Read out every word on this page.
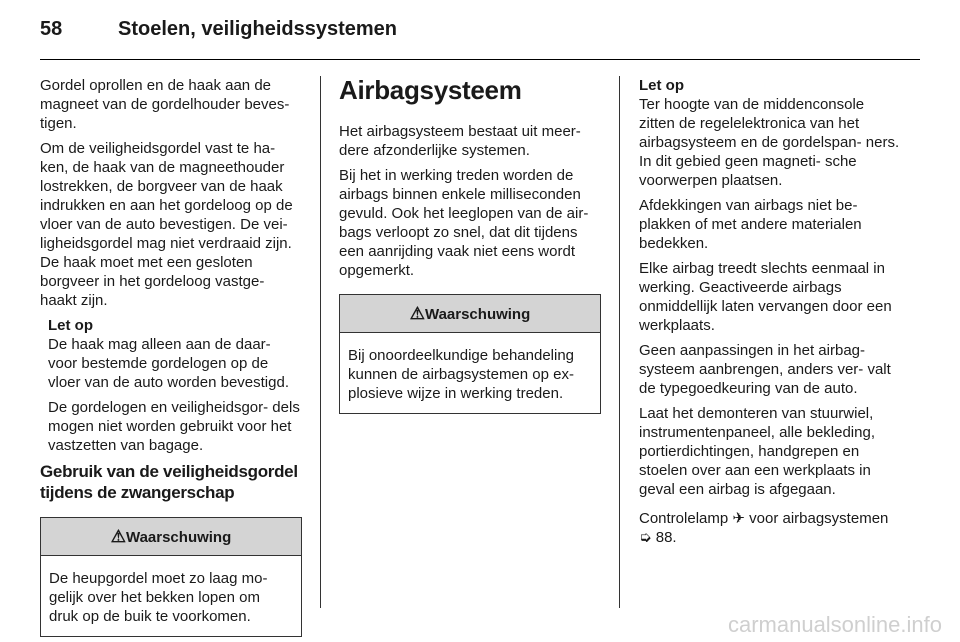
58	Stoelen, veiligheidssystemen

Gordel oprollen en de haak aan de magneet van de gordelhouder beves- tigen.

Om de veiligheidsgordel vast te ha- ken, de haak van de magneethouder lostrekken, de borgveer van de haak indrukken en aan het gordeloog op de vloer van de auto bevestigen. De vei- ligheidsgordel mag niet verdraaid zijn. De haak moet met een gesloten borgveer in het gordeloog vastge- haakt zijn.

Let op

De haak mag alleen aan de daar- voor bestemde gordelogen op de vloer van de auto worden bevestigd.

De gordelogen en veiligheidsgor- dels mogen niet worden gebruikt voor het vastzetten van bagage.

Gebruik van de veiligheidsgordel tijdens de zwangerschap
⚠Waarschuwing
De heupgordel moet zo laag mo- gelijk over het bekken lopen om druk op de buik te voorkomen.
Airbagsysteem

Het airbagsysteem bestaat uit meer- dere afzonderlijke systemen.

Bij het in werking treden worden de airbags binnen enkele milliseconden gevuld. Ook het leeglopen van de air- bags verloopt zo snel, dat dit tijdens een aanrijding vaak niet eens wordt opgemerkt.

⚠Waarschuwing
Bij onoordeelkundige behandeling kunnen de airbagsystemen op ex- plosieve wijze in werking treden.

Let op

Ter hoogte van de middenconsole zitten de regelelektronica van het airbagsysteem en de gordelspan- ners. In dit gebied geen magneti- sche voorwerpen plaatsen.

Afdekkingen van airbags niet be- plakken of met andere materialen bedekken.

Elke airbag treedt slechts eenmaal in werking. Geactiveerde airbags onmiddellijk laten vervangen door een werkplaats.

Geen aanpassingen in het airbag- systeem aanbrengen, anders ver- valt de typegoedkeuring van de auto.

Laat het demonteren van stuurwiel, instrumentenpaneel, alle bekleding, portierdichtingen, handgrepen en stoelen over aan een werkplaats in geval een airbag is afgegaan.

Controlelamp ✈ voor airbagsystemen
➭ 88.

carmanualsonline.info
